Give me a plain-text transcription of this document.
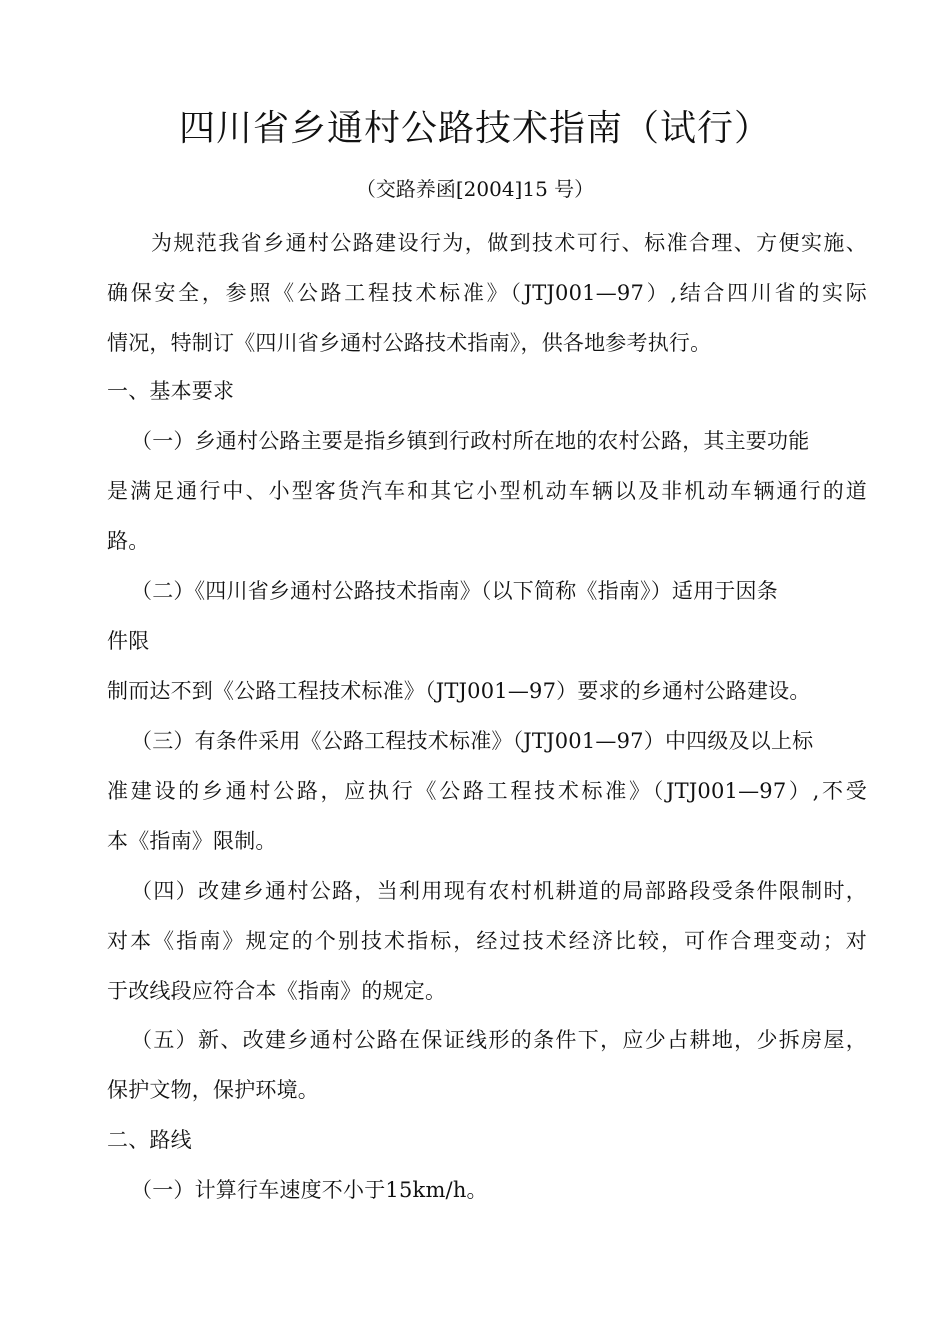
四川省乡通村公路技术指南（试行）
（交路养函[2004]15 号）
为规范我省乡通村公路建设行为，做到技术可行、标准合理、方便实施、
确保安全，参照《公路工程技术标准》（JTJ001—97）,结合四川省的实际
情况，特制订《四川省乡通村公路技术指南》，供各地参考执行。
一、基本要求
（一）乡通村公路主要是指乡镇到行政村所在地的农村公路，其主要功能
是满足通行中、小型客货汽车和其它小型机动车辆以及非机动车辆通行的道
路。
（二）《四川省乡通村公路技术指南》（以下简称《指南》）适用于因条
件限
制而达不到《公路工程技术标准》（JTJ001—97）要求的乡通村公路建设。
（三）有条件采用《公路工程技术标准》（JTJ001—97）中四级及以上标
准建设的乡通村公路，应执行《公路工程技术标准》（JTJ001—97）,不受
本《指南》限制。
（四）改建乡通村公路，当利用现有农村机耕道的局部路段受条件限制时，
对本《指南》规定的个别技术指标，经过技术经济比较，可作合理变动；对
于改线段应符合本《指南》的规定。
（五）新、改建乡通村公路在保证线形的条件下，应少占耕地，少拆房屋，
保护文物，保护环境。
二、路线
（一）计算行车速度不小于15km/h。
